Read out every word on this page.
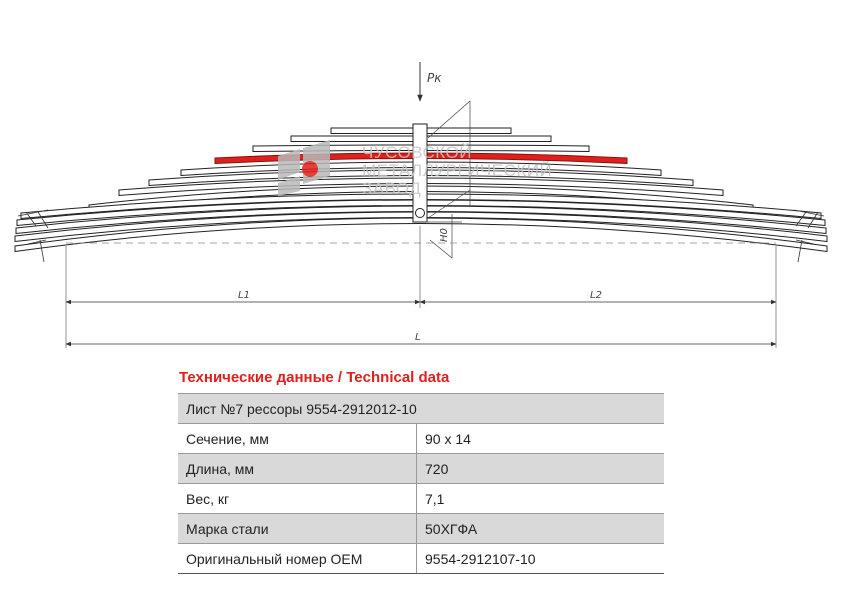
Pк
Н0
L1	L2
L
ЧУСОВСКОЙ
МЕТАЛЛУРГИЧЕСКИЙ
ЗАВОД
Технические данные / Technical data
Лист №7 рессоры 9554-2912012-10	
Сечение, мм	90 x 14
Длина, мм	720
Вес, кг	7,1
Марка стали	50ХГФА
Оригинальный номер OEM	9554-2912107-10
